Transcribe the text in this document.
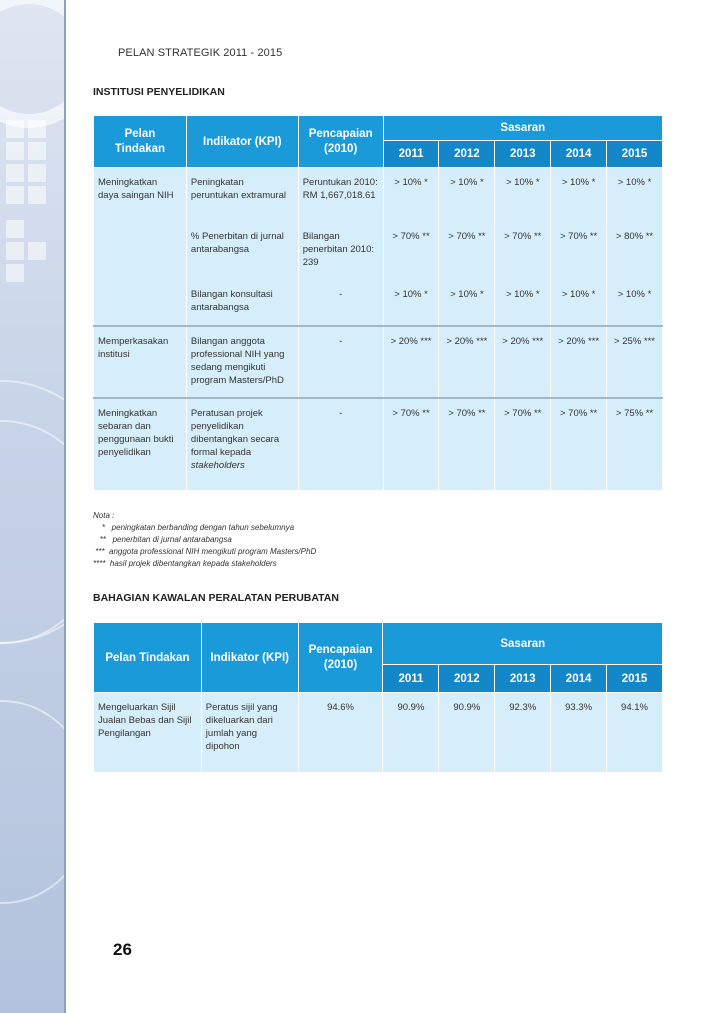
PELAN STRATEGIK 2011 - 2015
INSTITUSI PENYELIDIKAN
Pelan
Tindakan	Indikator (KPI)	Pencapaian
(2010)	Sasaran				
			2011	2012	2013	2014	2015
Meningkatkan
daya saingan NIH	Peningkatan
peruntukan extramural	Peruntukan 2010:
RM 1,667,018.61	> 10% *	> 10% *	> 10% *	> 10% *	> 10% *
	% Penerbitan di jurnal
antarabangsa	Bilangan
penerbitan 2010:
239	> 70% **	> 70% **	> 70% **	> 70% **	> 80% **
	Bilangan konsultasi
antarabangsa	-	> 10% *	> 10% *	> 10% *	> 10% *	> 10% *
Memperkasakan
institusi	Bilangan anggota
professional NIH yang
sedang mengikuti
program Masters/PhD	-	> 20% ***	> 20% ***	> 20% ***	> 20% ***	> 25% ***
Meningkatkan
sebaran dan
penggunaan bukti
penyelidikan	Peratusan projek
penyelidikan
dibentangkan secara
formal kepada
stakeholders	-	> 70% **	> 70% **	> 70% **	> 70% **	> 75% **
Nota :
*   peningkatan berbanding dengan tahun sebelumnya
**   penerbitan di jurnal antarabangsa
***  anggota professional NIH mengikuti program Masters/PhD
****  hasil projek dibentangkan kepada stakeholders
BAHAGIAN KAWALAN PERALATAN PERUBATAN
Pelan Tindakan	Indikator (KPI)	Pencapaian
(2010)	Sasaran				
			2011	2012	2013	2014	2015
Mengeluarkan Sijil
Jualan Bebas dan Sijil
Pengilangan	Peratus sijil yang
dikeluarkan dari
jumlah yang
dipohon	94.6%	90.9%	90.9%	92.3%	93.3%	94.1%
26
